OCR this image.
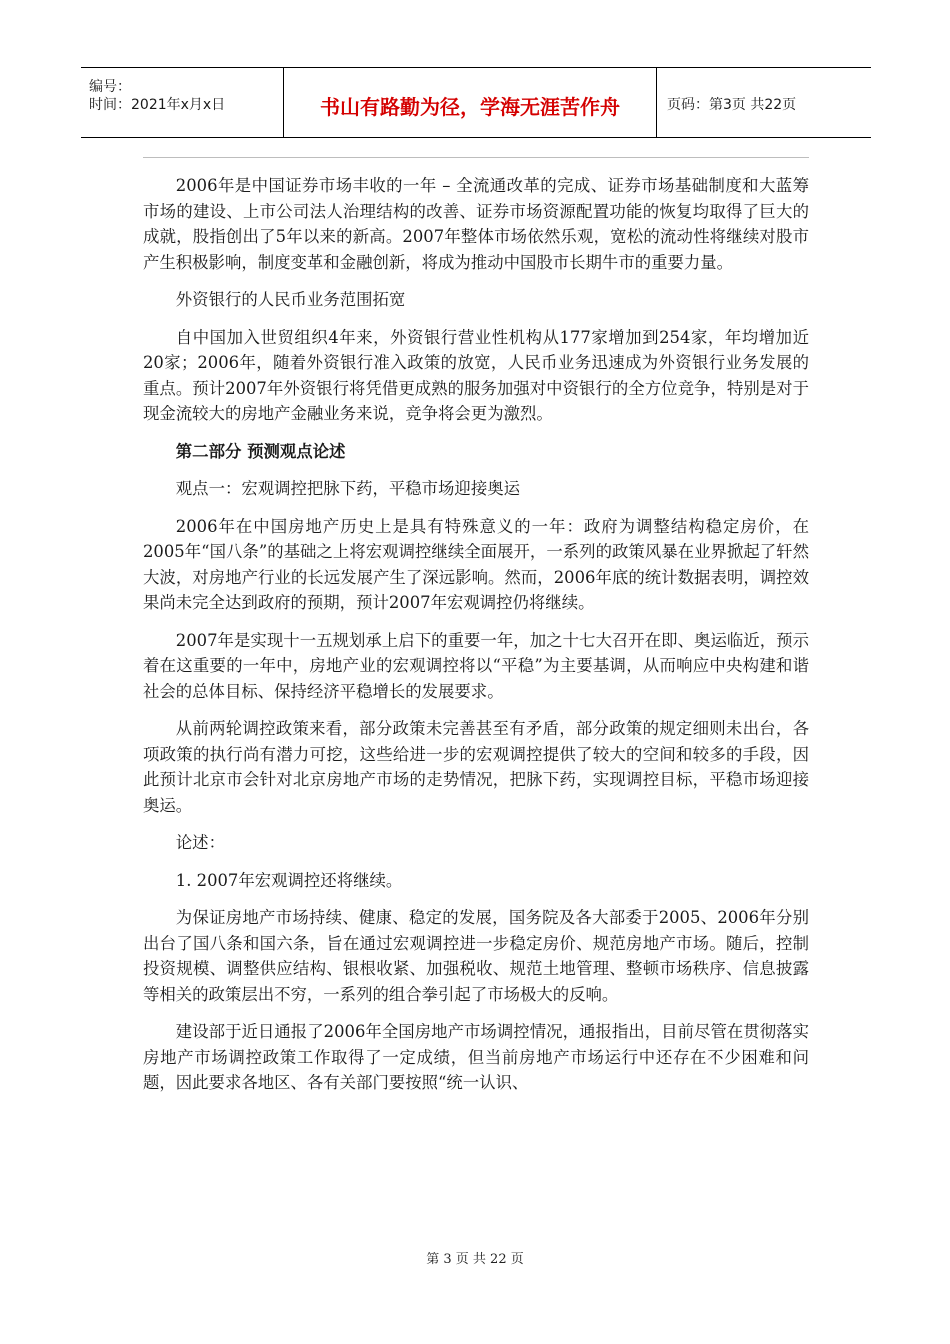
编号：
时间：2021年x月x日	书山有路勤为径，学海无涯苦作舟	页码：第3页 共22页

2006年是中国证券市场丰收的一年 – 全流通改革的完成、证券市场基础制度和大蓝筹市场的建设、上市公司法人治理结构的改善、证券市场资源配置功能的恢复均取得了巨大的成就，股指创出了5年以来的新高。2007年整体市场依然乐观，宽松的流动性将继续对股市产生积极影响，制度变革和金融创新，将成为推动中国股市长期牛市的重要力量。

外资银行的人民币业务范围拓宽

自中国加入世贸组织4年来，外资银行营业性机构从177家增加到254家，年均增加近20家；2006年，随着外资银行准入政策的放宽，人民币业务迅速成为外资银行业务发展的重点。预计2007年外资银行将凭借更成熟的服务加强对中资银行的全方位竞争，特别是对于现金流较大的房地产金融业务来说，竞争将会更为激烈。

第二部分 预测观点论述

观点一：宏观调控把脉下药，平稳市场迎接奥运

2006年在中国房地产历史上是具有特殊意义的一年：政府为调整结构稳定房价，在2005年“国八条”的基础之上将宏观调控继续全面展开，一系列的政策风暴在业界掀起了轩然大波，对房地产行业的长远发展产生了深远影响。然而，2006年底的统计数据表明，调控效果尚未完全达到政府的预期，预计2007年宏观调控仍将继续。

2007年是实现十一五规划承上启下的重要一年，加之十七大召开在即、奥运临近，预示着在这重要的一年中，房地产业的宏观调控将以“平稳”为主要基调，从而响应中央构建和谐社会的总体目标、保持经济平稳增长的发展要求。

从前两轮调控政策来看，部分政策未完善甚至有矛盾，部分政策的规定细则未出台，各项政策的执行尚有潜力可挖，这些给进一步的宏观调控提供了较大的空间和较多的手段，因此预计北京市会针对北京房地产市场的走势情况，把脉下药，实现调控目标，平稳市场迎接奥运。

论述：

1. 2007年宏观调控还将继续。

为保证房地产市场持续、健康、稳定的发展，国务院及各大部委于2005、2006年分别出台了国八条和国六条，旨在通过宏观调控进一步稳定房价、规范房地产市场。随后，控制投资规模、调整供应结构、银根收紧、加强税收、规范土地管理、整顿市场秩序、信息披露等相关的政策层出不穷，一系列的组合拳引起了市场极大的反响。

建设部于近日通报了2006年全国房地产市场调控情况，通报指出，目前尽管在贯彻落实房地产市场调控政策工作取得了一定成绩，但当前房地产市场运行中还存在不少困难和问题，因此要求各地区、各有关部门要按照“统一认识、

第 3 页 共 22 页
